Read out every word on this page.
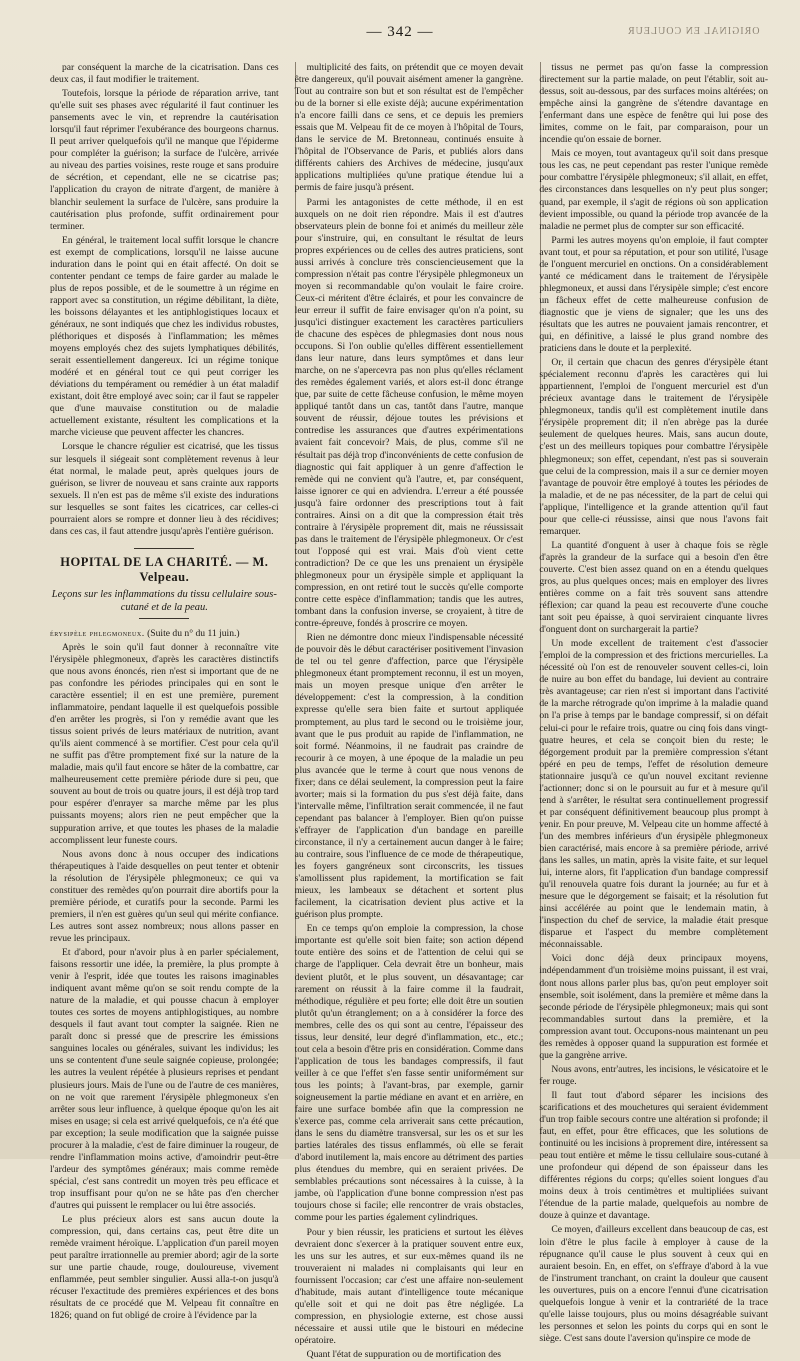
— 342 —	ORIGINAL EN COULEUR

par conséquent la marche de la cicatrisation. Dans ces deux cas, il faut modifier le traitement.

Toutefois, lorsque la période de réparation arrive, tant qu'elle suit ses phases avec régularité il faut continuer les pansements avec le vin, et reprendre la cautérisation lorsqu'il faut réprimer l'exubérance des bourgeons charnus. Il peut arriver quelquefois qu'il ne manque que l'épiderme pour compléter la guérison; la surface de l'ulcère, arrivée au niveau des parties voisines, reste rouge et sans produire de sécrétion, et cependant, elle ne se cicatrise pas; l'application du crayon de nitrate d'argent, de manière à blanchir seulement la surface de l'ulcère, sans produire la cautérisation plus profonde, suffit ordinairement pour terminer.

En général, le traitement local suffit lorsque le chancre est exempt de complications, lorsqu'il ne laisse aucune induration dans le point qui en était affecté. On doit se contenter pendant ce temps de faire garder au malade le plus de repos possible, et de le soumettre à un régime en rapport avec sa constitution, un régime débilitant, la diète, les boissons délayantes et les antiphlogistiques locaux et généraux, ne sont indiqués que chez les individus robustes, pléthoriques et disposés à l'inflammation; les mêmes moyens employés chez des sujets lymphatiques débilités, serait essentiellement dangereux. Ici un régime tonique modéré et en général tout ce qui peut corriger les déviations du tempérament ou remédier à un état maladif existant, doit être employé avec soin; car il faut se rappeler que d'une mauvaise constitution ou de maladie actuellement existante, résultent les complications et la marche vicieuse que peuvent affecter les chancres.

Lorsque le chancre régulier est cicatrisé, que les tissus sur lesquels il siégeait sont complètement revenus à leur état normal, le malade peut, après quelques jours de guérison, se livrer de nouveau et sans crainte aux rapports sexuels. Il n'en est pas de même s'il existe des indurations sur lesquelles se sont faites les cicatrices, car celles-ci pourraient alors se rompre et donner lieu à des récidives; dans ces cas, il faut attendre jusqu'après l'entière guérison.

HOPITAL DE LA CHARITÉ. — M. Velpeau.
Leçons sur les inflammations du tissu cellulaire sous-cutané et de la peau.
érysipèle phlegmoneux. (Suite du n° du 11 juin.)

Après le soin qu'il faut donner à reconnaître vite l'érysipèle phlegmoneux, d'après les caractères distinctifs que nous avons énoncés, rien n'est si important que de ne pas confondre les périodes principales qui en sont le caractère essentiel; il en est une première, purement inflammatoire, pendant laquelle il est quelquefois possible d'en arrêter les progrès, si l'on y remédie avant que les tissus soient privés de leurs matériaux de nutrition, avant qu'ils aient commencé à se mortifier. C'est pour cela qu'il ne suffit pas d'être promptement fixé sur la nature de la maladie, mais qu'il faut encore se hâter de la combattre, car malheureusement cette première période dure si peu, que souvent au bout de trois ou quatre jours, il est déjà trop tard pour espérer d'enrayer sa marche même par les plus puissants moyens; alors rien ne peut empêcher que la suppuration arrive, et que toutes les phases de la maladie accomplissent leur funeste cours.

Nous avons donc à nous occuper des indications thérapeutiques à l'aide desquelles on peut tenter et obtenir la résolution de l'érysipèle phlegmoneux; ce qui va constituer des remèdes qu'on pourrait dire abortifs pour la première période, et curatifs pour la seconde. Parmi les premiers, il n'en est guères qu'un seul qui mérite confiance. Les autres sont assez nombreux; nous allons passer en revue les principaux.

Et d'abord, pour n'avoir plus à en parler spécialement, faisons ressortir une idée, la première, la plus prompte à venir à l'esprit, idée que toutes les raisons imaginables indiquent avant même qu'on se soit rendu compte de la nature de la maladie, et qui pousse chacun à employer toutes ces sortes de moyens antiphlogistiques, au nombre desquels il faut avant tout compter la saignée. Rien ne paraît donc si pressé que de prescrire les émissions sanguines locales ou générales, suivant les individus; les uns se contentent d'une seule saignée copieuse, prolongée; les autres la veulent répétée à plusieurs reprises et pendant plusieurs jours. Mais de l'une ou de l'autre de ces manières, on ne voit que rarement l'érysipèle phlegmoneux s'en arrêter sous leur influence, à quelque époque qu'on les ait mises en usage; si cela est arrivé quelquefois, ce n'a été que par exception; la seule modification que la saignée puisse procurer à la maladie, c'est de faire diminuer la rougeur, de rendre l'inflammation moins active, d'amoindrir peut-être l'ardeur des symptômes généraux; mais comme remède spécial, c'est sans contredit un moyen très peu efficace et trop insuffisant pour qu'on ne se hâte pas d'en chercher d'autres qui puissent le remplacer ou lui être associés.

Le plus précieux alors est sans aucun doute la compression, qui, dans certains cas, peut être dite un remède vraiment héroïque. L'application d'un pareil moyen peut paraître irrationnelle au premier abord; agir de la sorte sur une partie chaude, rouge, douloureuse, vivement enflammée, peut sembler singulier. Aussi alla-t-on jusqu'à récuser l'exactitude des premières expériences et des bons résultats de ce procédé que M. Velpeau fit connaître en 1826; quand on fut obligé de croire à l'évidence par la

multiplicité des faits, on prétendit que ce moyen devait être dangereux, qu'il pouvait aisément amener la gangrène. Tout au contraire son but et son résultat est de l'empêcher ou de la borner si elle existe déjà; aucune expérimentation n'a encore failli dans ce sens, et ce depuis les premiers essais que M. Velpeau fit de ce moyen à l'hôpital de Tours, dans le service de M. Bretonneau, continués ensuite à l'hôpital de l'Observance de Paris, et publiés alors dans différents cahiers des Archives de médecine, jusqu'aux applications multipliées qu'une pratique étendue lui a permis de faire jusqu'à présent.

Parmi les antagonistes de cette méthode, il en est auxquels on ne doit rien répondre. Mais il est d'autres observateurs plein de bonne foi et animés du meilleur zèle pour s'instruire, qui, en consultant le résultat de leurs propres expériences ou de celles des autres praticiens, sont aussi arrivés à conclure très consciencieusement que la compression n'était pas contre l'érysipèle phlegmoneux un moyen si recommandable qu'on voulait le faire croire. Ceux-ci méritent d'être éclairés, et pour les convaincre de leur erreur il suffit de faire envisager qu'on n'a point, su jusqu'ici distinguer exactement les caractères particuliers de chacune des espèces de phlegmasies dont nous nous occupons. Si l'on oublie qu'elles diffèrent essentiellement dans leur nature, dans leurs symptômes et dans leur marche, on ne s'apercevra pas non plus qu'elles réclament des remèdes également variés, et alors est-il donc étrange que, par suite de cette fâcheuse confusion, le même moyen appliqué tantôt dans un cas, tantôt dans l'autre, manque souvent de réussir, déjoue toutes les prévisions et contredise les assurances que d'autres expérimentations avaient fait concevoir? Mais, de plus, comme s'il ne résultait pas déjà trop d'inconvénients de cette confusion de diagnostic qui fait appliquer à un genre d'affection le remède qui ne convient qu'à l'autre, et, par conséquent, laisse ignorer ce qui en adviendra. L'erreur a été poussée jusqu'à faire ordonner des prescriptions tout à fait contraires. Ainsi on a dit que la compression était très contraire à l'érysipèle proprement dit, mais ne réussissait pas dans le traitement de l'érysipèle phlegmoneux. Or c'est tout l'opposé qui est vrai. Mais d'où vient cette contradiction? De ce que les uns prenaient un érysipèle phlegmoneux pour un érysipèle simple et appliquant la compression, en ont retiré tout le succès qu'elle comporte contre cette espèce d'inflammation; tandis que les autres, tombant dans la confusion inverse, se croyaient, à titre de contre-épreuve, fondés à proscrire ce moyen.

Rien ne démontre donc mieux l'indispensable nécessité de pouvoir dès le début caractériser positivement l'invasion de tel ou tel genre d'affection, parce que l'érysipèle phlegmoneux étant promptement reconnu, il est un moyen, mais un moyen presque unique d'en arrêter le développement: c'est la compression, à la condition expresse qu'elle sera bien faite et surtout appliquée promptement, au plus tard le second ou le troisième jour, avant que le pus produit au rapide de l'inflammation, ne soit formé. Néanmoins, il ne faudrait pas craindre de recourir à ce moyen, à une époque de la maladie un peu plus avancée que le terme à court que nous venons de fixer; dans ce délai seulement, la compression peut la faire avorter; mais si la formation du pus s'est déjà faite, dans l'intervalle même, l'infiltration serait commencée, il ne faut cependant pas balancer à l'employer. Bien qu'on puisse s'effrayer de l'application d'un bandage en pareille circonstance, il n'y a certainement aucun danger à le faire; au contraire, sous l'influence de ce mode de thérapeutique, les foyers gangréneux sont circonscrits, les tissues s'amollissent plus rapidement, la mortification se fait mieux, les lambeaux se détachent et sortent plus facilement, la cicatrisation devient plus active et la guérison plus prompte.

En ce temps qu'on emploie la compression, la chose importante est qu'elle soit bien faite; son action dépend toute entière des soins et de l'attention de celui qui se charge de l'appliquer. Cela devrait être un bonheur, mais devient plutôt, et le plus souvent, un désavantage; car rarement on réussit à la faire comme il la faudrait, méthodique, régulière et peu forte; elle doit être un soutien plutôt qu'un étranglement; on a à considérer la force des membres, celle des os qui sont au centre, l'épaisseur des tissus, leur densité, leur degré d'inflammation, etc., etc.; tout cela a besoin d'être pris en considération. Comme dans l'application de tous les bandages compressifs, il faut veiller à ce que l'effet s'en fasse sentir uniformément sur tous les points; à l'avant-bras, par exemple, garnir soigneusement la partie médiane en avant et en arrière, en faire une surface bombée afin que la compression ne s'exerce pas, comme cela arriverait sans cette précaution, dans le sens du diamètre transversal, sur les os et sur les parties latérales des tissus enflammés, où elle se ferait d'abord inutilement la, mais encore au détriment des parties plus étendues du membre, qui en seraient privées. De semblables précautions sont nécessaires à la cuisse, à la jambe, où l'application d'une bonne compression n'est pas toujours chose si facile; elle rencontrer de vrais obstacles, comme pour les parties également cylindriques.

Pour y bien réussir, les praticiens et surtout les élèves devraient donc s'exercer à la pratiquer souvent entre eux, les uns sur les autres, et sur eux-mêmes quand ils ne trouveraient ni malades ni complaisants qui leur en fournissent l'occasion; car c'est une affaire non-seulement d'habitude, mais autant d'intelligence toute mécanique qu'elle soit et qui ne doit pas être négligée. La compression, en physiologie externe, est chose aussi nécessaire et aussi utile que le bistouri en médecine opératoire.

Quant l'état de suppuration ou de mortification des

tissus ne permet pas qu'on fasse la compression directement sur la partie malade, on peut l'établir, soit au-dessus, soit au-dessous, par des surfaces moins altérées; on empêche ainsi la gangrène de s'étendre davantage en l'enfermant dans une espèce de fenêtre qui lui pose des limites, comme on le fait, par comparaison, pour un incendie qu'on essaie de borner.

Mais ce moyen, tout avantageux qu'il soit dans presque tous les cas, ne peut cependant pas rester l'unique remède pour combattre l'érysipèle phlegmoneux; s'il allait, en effet, des circonstances dans lesquelles on n'y peut plus songer; quand, par exemple, il s'agit de régions où son application devient impossible, ou quand la période trop avancée de la maladie ne permet plus de compter sur son efficacité.

Parmi les autres moyens qu'on emploie, il faut compter avant tout, et pour sa réputation, et pour son utilité, l'usage de l'onguent mercuriel en onctions. On a considérablement vanté ce médicament dans le traitement de l'érysipèle phlegmoneux, et aussi dans l'érysipèle simple; c'est encore un fâcheux effet de cette malheureuse confusion de diagnostic que je viens de signaler; que les uns des résultats que les autres ne pouvaient jamais rencontrer, et qui, en définitive, a laissé le plus grand nombre des praticiens dans le doute et la perplexité.

Or, il certain que chacun des genres d'érysipèle étant spécialement reconnu d'après les caractères qui lui appartiennent, l'emploi de l'onguent mercuriel est d'un précieux avantage dans le traitement de l'érysipèle phlegmoneux, tandis qu'il est complètement inutile dans l'érysipèle proprement dit; il n'en abrège pas la durée seulement de quelques heures. Mais, sans aucun doute, c'est un des meilleurs topiques pour combattre l'érysipèle phlegmoneux; son effet, cependant, n'est pas si souverain que celui de la compression, mais il a sur ce dernier moyen l'avantage de pouvoir être employé à toutes les périodes de la maladie, et de ne pas nécessiter, de la part de celui qui l'applique, l'intelligence et la grande attention qu'il faut pour que celle-ci réussisse, ainsi que nous l'avons fait remarquer.

La quantité d'onguent à user à chaque fois se règle d'après la grandeur de la surface qui a besoin d'en être couverte. C'est bien assez quand on en a étendu quelques gros, au plus quelques onces; mais en employer des livres entières comme on a fait très souvent sans attendre réflexion; car quand la peau est recouverte d'une couche tant soit peu épaisse, à quoi serviraient cinquante livres d'onguent dont on surchargerait la partie?

Un mode excellent de traitement c'est d'associer l'emploi de la compression et des frictions mercurielles. La nécessité où l'on est de renouveler souvent celles-ci, loin de nuire au bon effet du bandage, lui devient au contraire très avantageuse; car rien n'est si important dans l'activité de la marche rétrograde qu'on imprime à la maladie quand on l'a prise à temps par le bandage compressif, si on défait celui-ci pour le refaire trois, quatre ou cinq fois dans vingt-quatre heures, et cela se conçoit bien du reste; le dégorgement produit par la première compression s'étant opéré en peu de temps, l'effet de résolution demeure stationnaire jusqu'à ce qu'un nouvel excitant revienne l'actionner; donc si on le poursuit au fur et à mesure qu'il tend à s'arrêter, le résultat sera continuellement progressif et par conséquent définitivement beaucoup plus prompt à venir. En pour preuve, M. Velpeau cite un homme affecté à l'un des membres inférieurs d'un érysipèle phlegmoneux bien caractérisé, mais encore à sa première période, arrivé dans les salles, un matin, après la visite faite, et sur lequel lui, interne alors, fit l'application d'un bandage compressif qu'il renouvela quatre fois durant la journée; au fur et à mesure que le dégorgement se faisait; et la résolution fut ainsi accélérée au point que le lendemain matin, à l'inspection du chef de service, la maladie était presque disparue et l'aspect du membre complètement méconnaissable.

Voici donc déjà deux principaux moyens, indépendamment d'un troisième moins puissant, il est vrai, dont nous allons parler plus bas, qu'on peut employer soit ensemble, soit isolément, dans la première et même dans la seconde période de l'érysipèle phlegmoneux; mais qui sont recommandables surtout dans la première, et la compression avant tout. Occupons-nous maintenant un peu des remèdes à opposer quand la suppuration est formée et que la gangrène arrive.

Nous avons, entr'autres, les incisions, le vésicatoire et le fer rouge.

Il faut tout d'abord séparer les incisions des scarifications et des mouchetures qui seraient évidemment d'un trop faible secours contre une altération si profonde; il faut, en effet, pour être efficaces, que les solutions de continuité ou les incisions à proprement dire, intéressent sa peau tout entière et même le tissu cellulaire sous-cutané à une profondeur qui dépend de son épaisseur dans les différentes régions du corps; qu'elles soient longues d'au moins deux à trois centimètres et multipliées suivant l'étendue de la partie malade, quelquefois au nombre de douze à quinze et davantage.

Ce moyen, d'ailleurs excellent dans beaucoup de cas, est loin d'être le plus facile à employer à cause de la répugnance qu'il cause le plus souvent à ceux qui en auraient besoin. En, en effet, on s'effraye d'abord à la vue de l'instrument tranchant, on craint la douleur que causent les ouvertures, puis on a encore l'ennui d'une cicatrisation quelquefois longue à venir et la contrariété de la trace qu'elle laisse toujours, plus ou moins désagréable suivant les personnes et selon les points du corps qui en sont le siège. C'est sans doute l'aversion qu'inspire ce mode de
